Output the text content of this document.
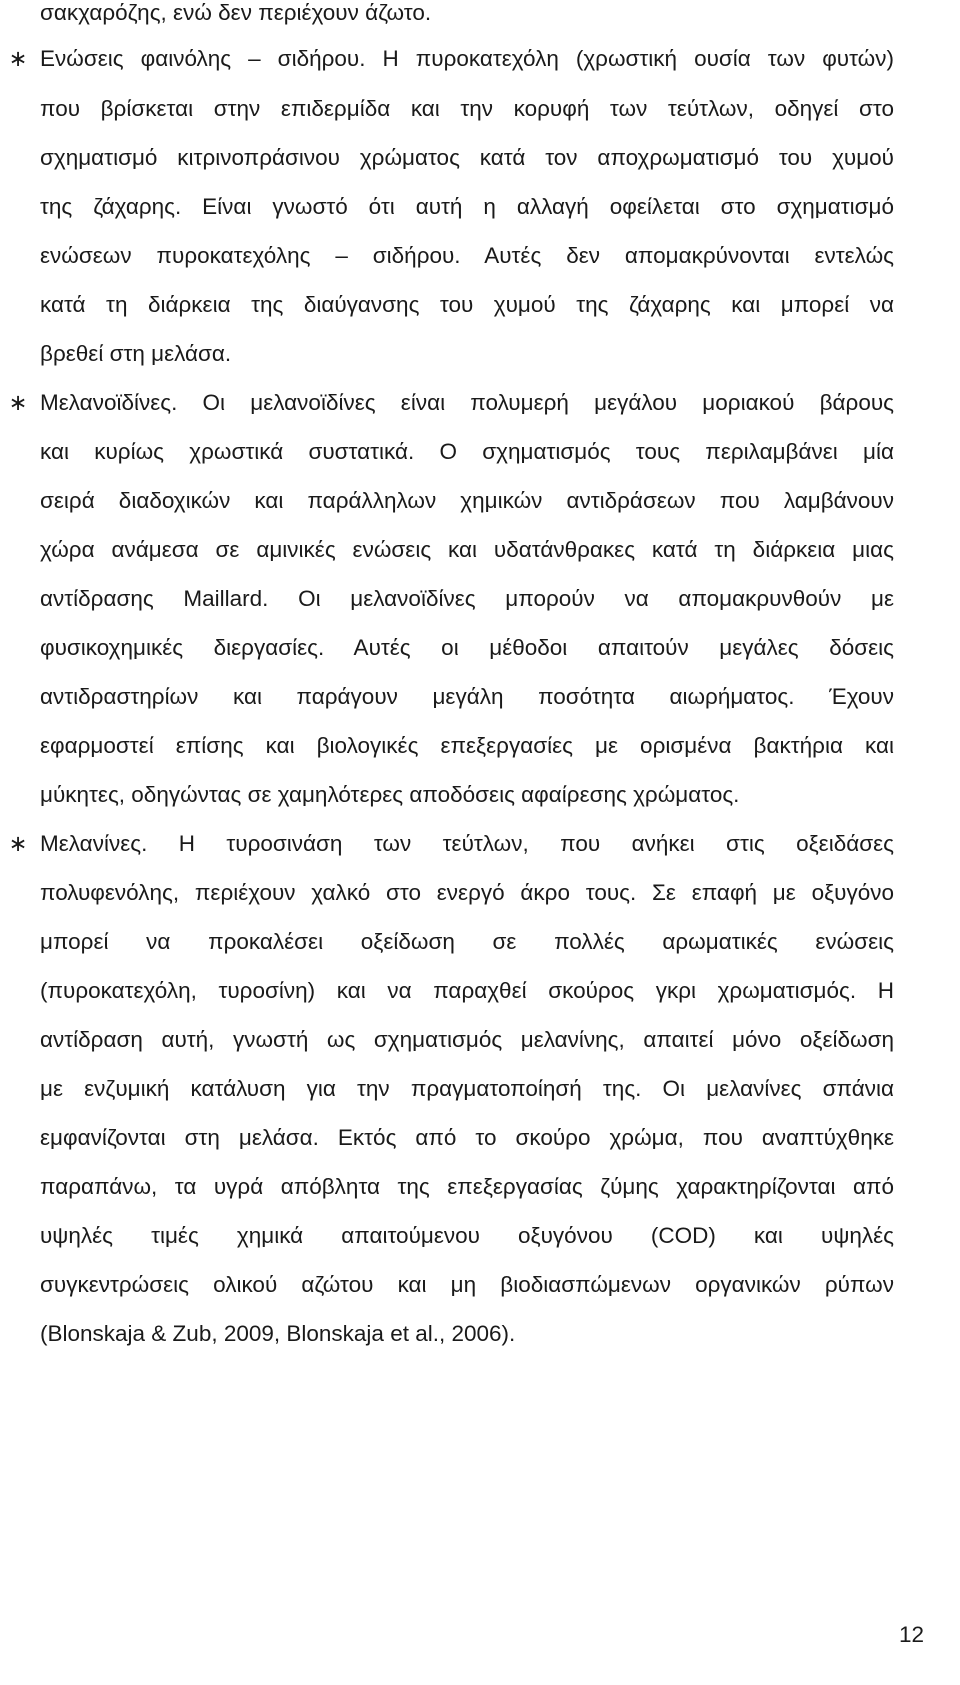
σακχαρόζης, ενώ δεν περιέχουν άζωτο.
∗ Ενώσεις φαινόλης – σιδήρου. Η πυροκατεχόλη (χρωστική ουσία των φυτών)
που βρίσκεται στην επιδερμίδα και την κορυφή των τεύτλων, οδηγεί στο
σχηματισμό κιτρινοπράσινου χρώματος κατά τον αποχρωματισμό του χυμού
της ζάχαρης. Είναι γνωστό ότι αυτή η αλλαγή οφείλεται στο σχηματισμό
ενώσεων πυροκατεχόλης – σιδήρου. Αυτές δεν απομακρύνονται εντελώς
κατά τη διάρκεια της διαύγανσης του χυμού της ζάχαρης και μπορεί να
βρεθεί στη μελάσα.
∗ Μελανοϊδίνες. Οι μελανοϊδίνες είναι πολυμερή μεγάλου μοριακού βάρους
και κυρίως χρωστικά συστατικά. Ο σχηματισμός τους περιλαμβάνει μία
σειρά διαδοχικών και παράλληλων χημικών αντιδράσεων που λαμβάνουν
χώρα ανάμεσα σε αμινικές ενώσεις και υδατάνθρακες κατά τη διάρκεια μιας
αντίδρασης Maillard. Οι μελανοϊδίνες μπορούν να απομακρυνθούν με
φυσικοχημικές διεργασίες. Αυτές οι μέθοδοι απαιτούν μεγάλες δόσεις
αντιδραστηρίων και παράγουν μεγάλη ποσότητα αιωρήματος. Έχουν
εφαρμοστεί επίσης και βιολογικές επεξεργασίες με ορισμένα βακτήρια και
μύκητες, οδηγώντας σε χαμηλότερες αποδόσεις αφαίρεσης χρώματος.
∗ Μελανίνες. Η τυροσινάση των τεύτλων, που ανήκει στις οξειδάσες
πολυφενόλης, περιέχουν χαλκό στο ενεργό άκρο τους. Σε επαφή με οξυγόνο
μπορεί να προκαλέσει οξείδωση σε πολλές αρωματικές ενώσεις
(πυροκατεχόλη, τυροσίνη) και να παραχθεί σκούρος γκρι χρωματισμός. Η
αντίδραση αυτή, γνωστή ως σχηματισμός μελανίνης, απαιτεί μόνο οξείδωση
με ενζυμική κατάλυση για την πραγματοποίησή της. Οι μελανίνες σπάνια
εμφανίζονται στη μελάσα. Εκτός από το σκούρο χρώμα, που αναπτύχθηκε
παραπάνω, τα υγρά απόβλητα της επεξεργασίας ζύμης χαρακτηρίζονται από
υψηλές τιμές χημικά απαιτούμενου οξυγόνου (COD) και υψηλές
συγκεντρώσεις ολικού αζώτου και μη βιοδιασπώμενων οργανικών ρύπων
(Blonskaja & Zub, 2009, Blonskaja et al., 2006).
12
